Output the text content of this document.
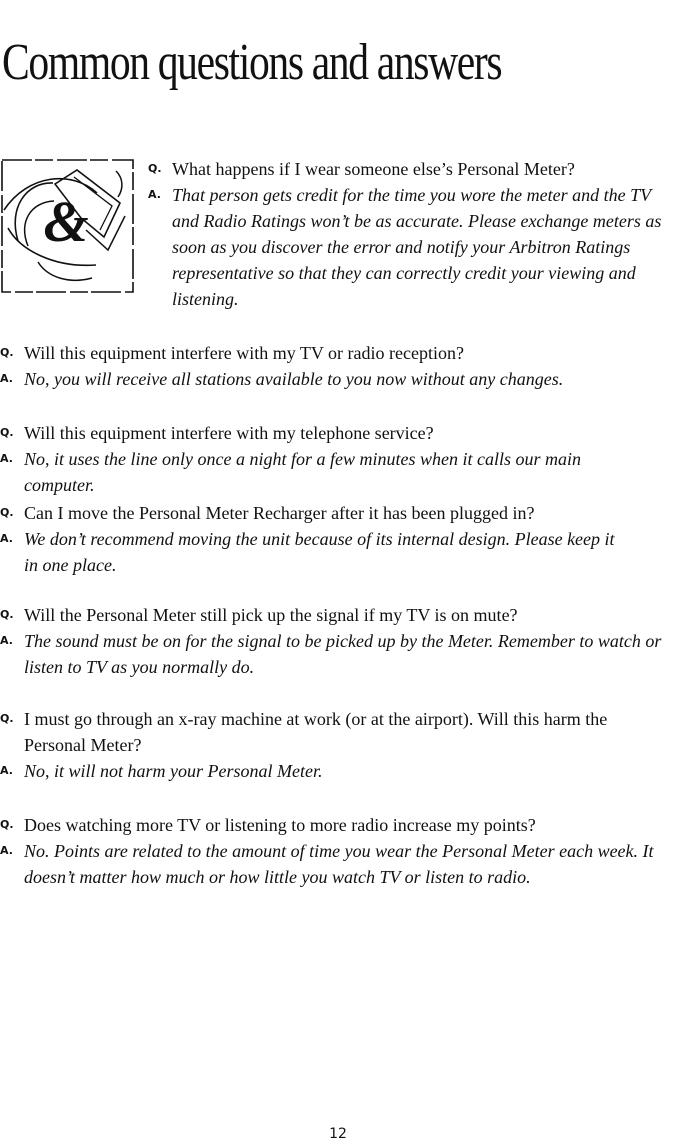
Common questions and answers
&
Q. What happens if I wear someone else’s Personal Meter?
A. That person gets credit for the time you wore the meter and the TV and Radio Ratings won’t be as accurate. Please exchange meters as soon as you discover the error and notify your Arbitron Ratings representative so that they can correctly credit your viewing and listening.
Q. Will this equipment interfere with my TV or radio reception?
A. No, you will receive all stations available to you now without any changes.
Q. Will this equipment interfere with my telephone service?
A. No, it uses the line only once a night for a few minutes when it calls our main computer.
Q. Can I move the Personal Meter Recharger after it has been plugged in?
A. We don’t recommend moving the unit because of its internal design. Please keep it in one place.
Q. Will the Personal Meter still pick up the signal if my TV is on mute?
A. The sound must be on for the signal to be picked up by the Meter. Remember to watch or listen to TV as you normally do.
Q. I must go through an x-ray machine at work (or at the airport). Will this harm the Personal Meter?
A. No, it will not harm your Personal Meter.
Q. Does watching more TV or listening to more radio increase my points?
A. No. Points are related to the amount of time you wear the Personal Meter each week. It doesn’t matter how much or how little you watch TV or listen to radio.
12
